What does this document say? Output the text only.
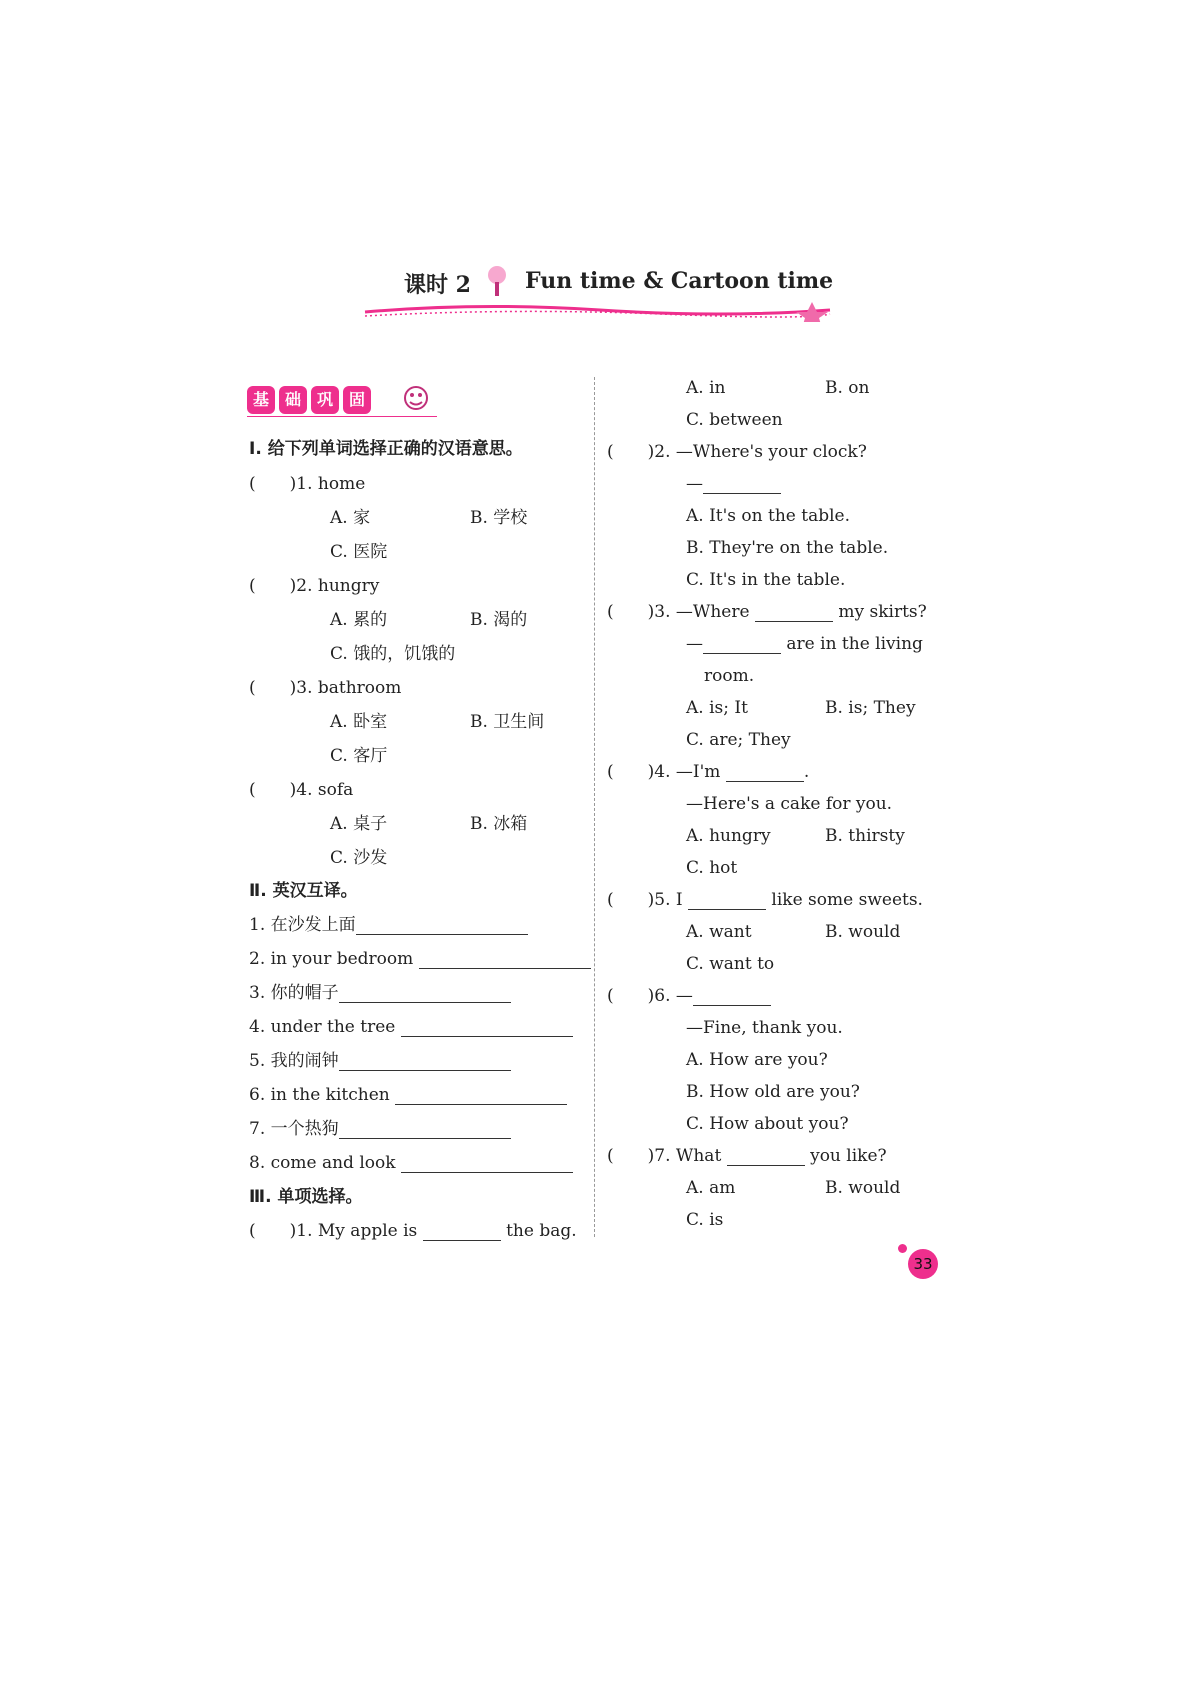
课时 2 Fun time & Cartoon time
基 础 巩 固
Ⅰ. 给下列单词选择正确的汉语意思。
(　　)1. home
A. 家	B. 学校
C. 医院
(　　)2. hungry
A. 累的	B. 渴的
C. 饿的，饥饿的
(　　)3. bathroom
A. 卧室	B. 卫生间
C. 客厅
(　　)4. sofa
A. 桌子	B. 冰箱
C. 沙发
Ⅱ. 英汉互译。
1. 在沙发上面
2. in your bedroom
3. 你的帽子
4. under the tree
5. 我的闹钟
6. in the kitchen
7. 一个热狗
8. come and look
Ⅲ. 单项选择。
(　　)1. My apple is	the bag.
A. in	B. on
C. between
(　　)2. —Where's your clock?
—
A. It's on the table.
B. They're on the table.
C. It's in the table.
(　　)3. —Where	my skirts?
—	are in the living
room.
A. is; It	B. is; They
C. are; They
(　　)4. —I'm	.
—Here's a cake for you.
A. hungry	B. thirsty
C. hot
(　　)5. I	like some sweets.
A. want	B. would
C. want to
(　　)6. —
—Fine, thank you.
A. How are you?
B. How old are you?
C. How about you?
(　　)7. What	you like?
A. am	B. would
C. is
33
